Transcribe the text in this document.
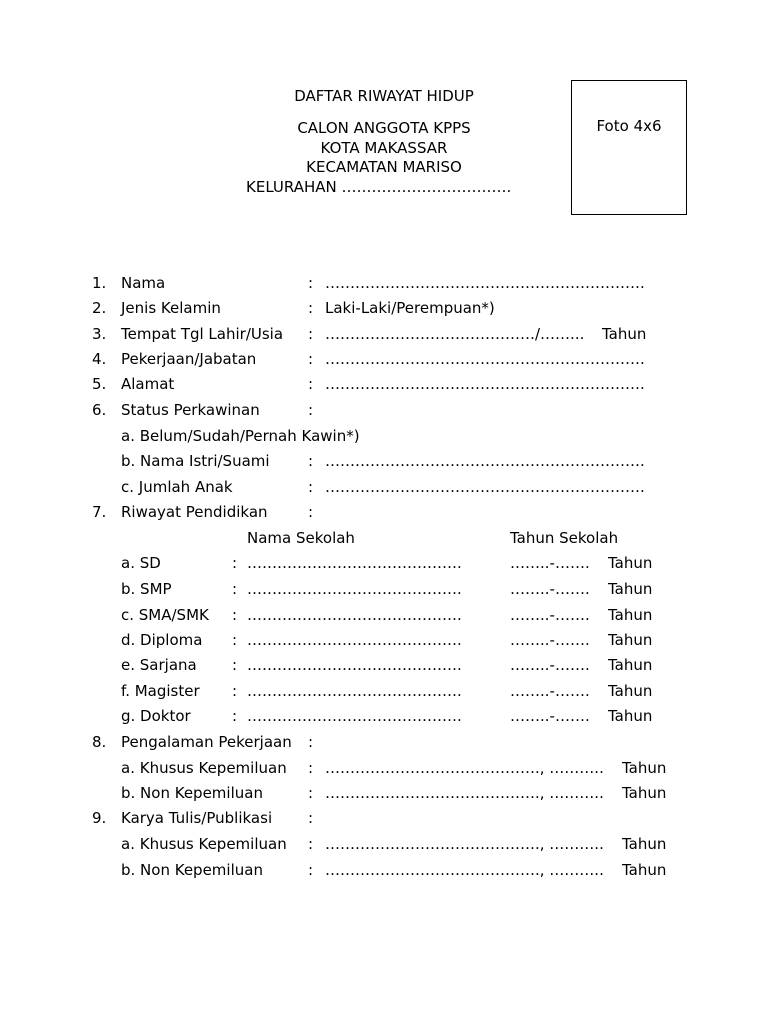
DAFTAR RIWAYAT HIDUP
CALON ANGGOTA KPPS
KOTA MAKASSAR
KECAMATAN MARISO
KELURAHAN …………………………….
Foto 4x6
1. Nama	: ……………………………………………………….
2. Jenis Kelamin	: Laki-Laki/Perempuan*)
3. Tempat Tgl Lahir/Usia : ……………………………………/……... Tahun
4. Pekerjaan/Jabatan	: ……………………………………………………….
5. Alamat	: ……………………………………………………….
6. Status Perkawinan	:
a. Belum/Sudah/Pernah Kawin*)
b. Nama Istri/Suami	: ……………………………………………………….
c. Jumlah Anak	: ……………………………………………………….
7. Riwayat Pendidikan	:
Nama Sekolah	Tahun Sekolah
a. SD	: …………………………………….	……..-……. Tahun
b. SMP	: …………………………………….	……..-……. Tahun
c. SMA/SMK : …………………………………….	……..-……. Tahun
d. Diploma : …………………………………….	……..-……. Tahun
e. Sarjana : …………………………………….	……..-……. Tahun
f. Magister : …………………………………….	……..-……. Tahun
g. Doktor	: …………………………………….	……..-……. Tahun
8. Pengalaman Pekerjaan :
a. Khusus Kepemiluan : ……………………………………., ……….. Tahun
b. Non Kepemiluan	: ……………………………………., ……….. Tahun
9. Karya Tulis/Publikasi :
a. Khusus Kepemiluan : ……………………………………., ……….. Tahun
b. Non Kepemiluan	: ……………………………………., ……….. Tahun
